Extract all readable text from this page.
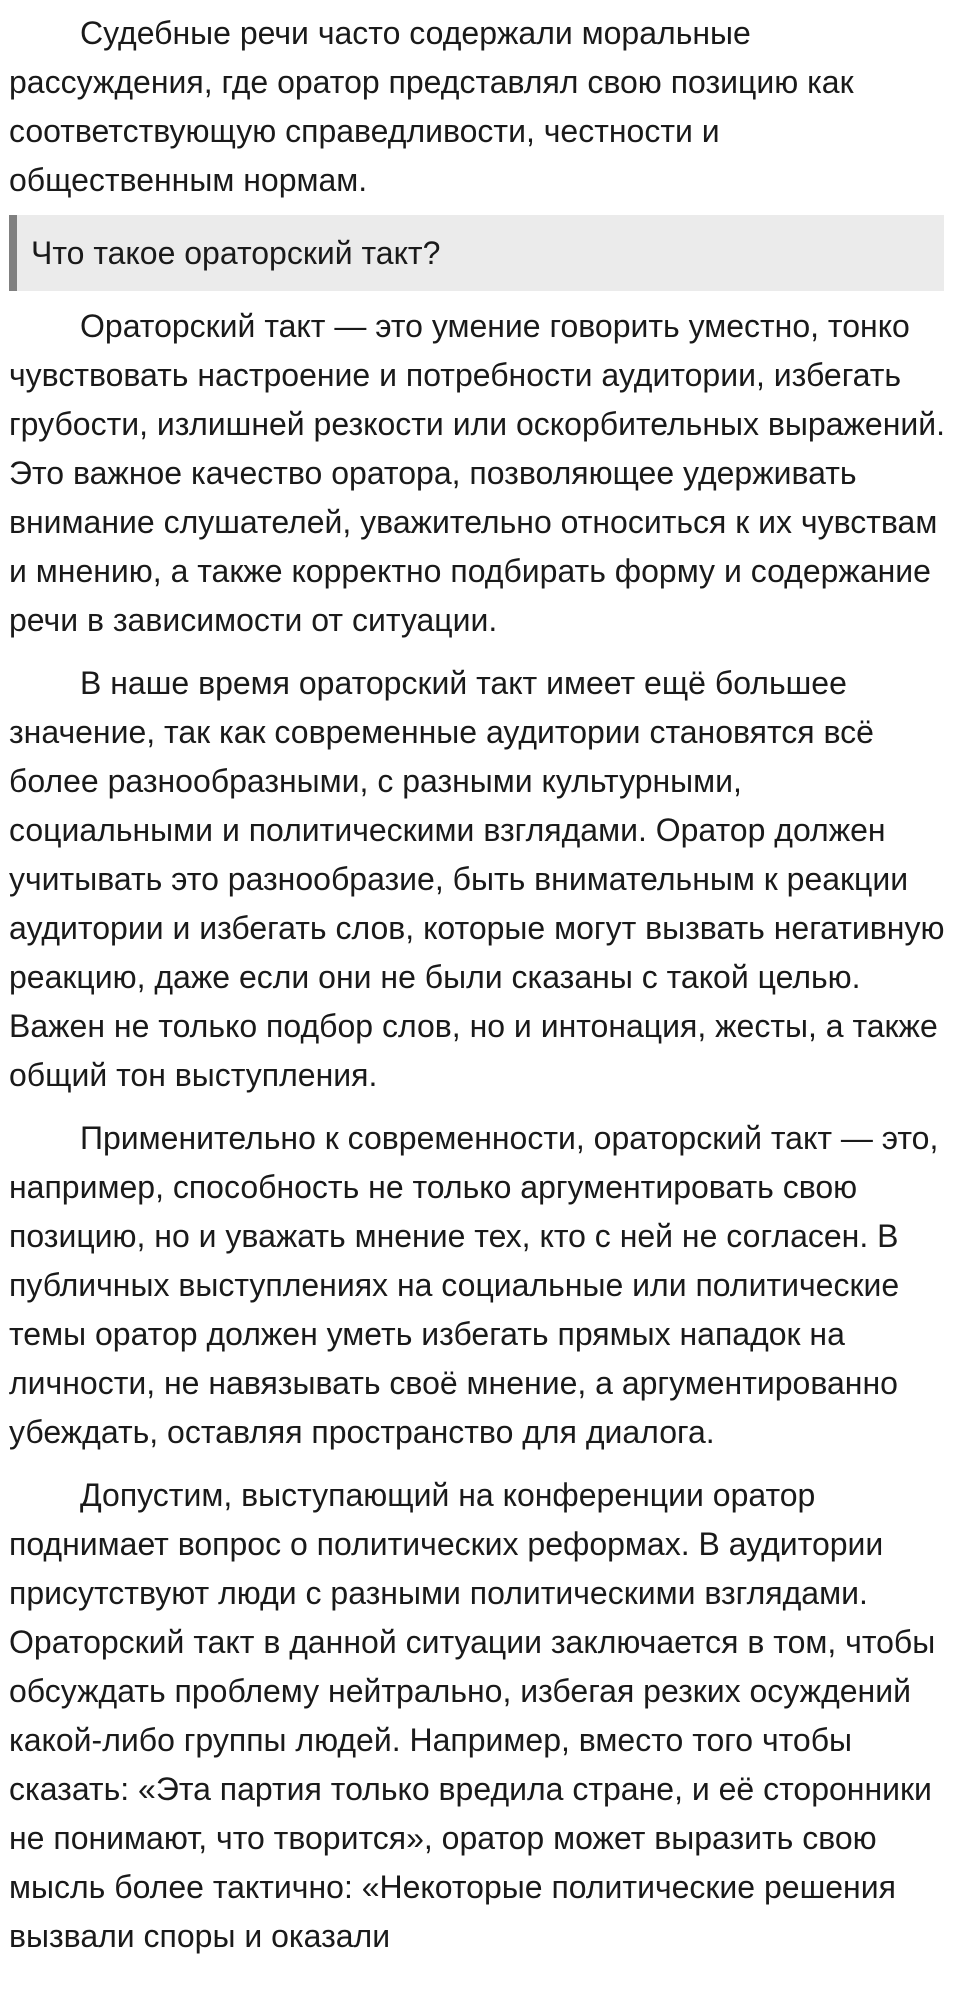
Судебные речи часто содержали моральные рассуждения, где оратор представлял свою позицию как соответствующую справедливости, честности и общественным нормам.

Что такое ораторский такт?

Ораторский такт — это умение говорить уместно, тонко чувствовать настроение и потребности аудитории, избегать грубости, излишней резкости или оскорбительных выражений. Это важное качество оратора, позволяющее удерживать внимание слушателей, уважительно относиться к их чувствам и мнению, а также корректно подбирать форму и содержание речи в зависимости от ситуации.

В наше время ораторский такт имеет ещё большее значение, так как современные аудитории становятся всё более разнообразными, с разными культурными, социальными и политическими взглядами. Оратор должен учитывать это разнообразие, быть внимательным к реакции аудитории и избегать слов, которые могут вызвать негативную реакцию, даже если они не были сказаны с такой целью. Важен не только подбор слов, но и интонация, жесты, а также общий тон выступления.

Применительно к современности, ораторский такт — это, например, способность не только аргументировать свою позицию, но и уважать мнение тех, кто с ней не согласен. В публичных выступлениях на социальные или политические темы оратор должен уметь избегать прямых нападок на личности, не навязывать своё мнение, а аргументированно убеждать, оставляя пространство для диалога.

Допустим, выступающий на конференции оратор поднимает вопрос о политических реформах. В аудитории присутствуют люди с разными политическими взглядами. Ораторский такт в данной ситуации заключается в том, чтобы обсуждать проблему нейтрально, избегая резких осуждений какой-либо группы людей. Например, вместо того чтобы сказать: «Эта партия только вредила стране, и её сторонники не понимают, что творится», оратор может выразить свою мысль более тактично: «Некоторые политические решения вызвали споры и оказали
